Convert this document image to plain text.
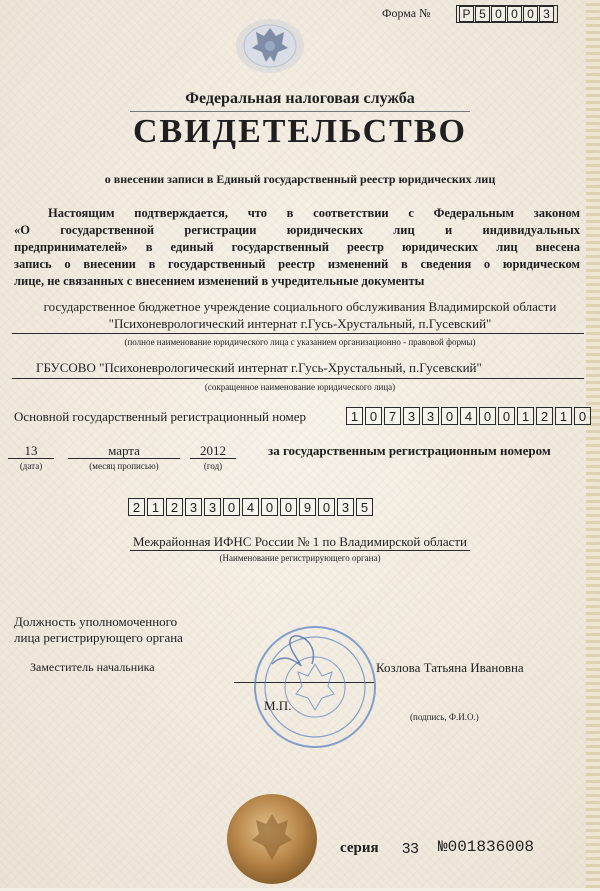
Форма №	Р 5 0 0 0 3
Федеральная налоговая служба
СВИДЕТЕЛЬСТВО
о внесении записи в Единый государственный реестр юридических лиц
Настоящим подтверждается, что в соответствии с Федеральным законом
«О государственной регистрации юридических лиц и индивидуальных
предпринимателей» в единый государственный реестр юридических лиц внесена
запись о внесении в государственный реестр изменений в сведения о юридическом
лице, не связанных с внесением изменений в учредительные документы
государственное бюджетное учреждение социального обслуживания Владимирской области
"Психоневрологический интернат г.Гусь-Хрустальный, п.Гусевский"
(полное наименование юридического лица с указанием организационно - правовой формы)
ГБУСОВО "Психоневрологический интернат г.Гусь-Хрустальный, п.Гусевский"
(сокращенное наименование юридического лица)
Основной государственный регистрационный номер	1 0 7 3 3 0 4 0 0 1 2 1 0
13
(дата)
марта
(месяц прописью)
2012
(год)
за государственным регистрационным номером
2 1 2 3 3 0 4 0 0 9 0 3 5
Межрайонная ИФНС России № 1 по Владимирской области
(Наименование регистрирующего органа)
Должность уполномоченного
лица регистрирующего органа
Заместитель начальника	Козлова Татьяна Ивановна
М.П.
(подпись, Ф.И.О.)
серия 33 №001836008
